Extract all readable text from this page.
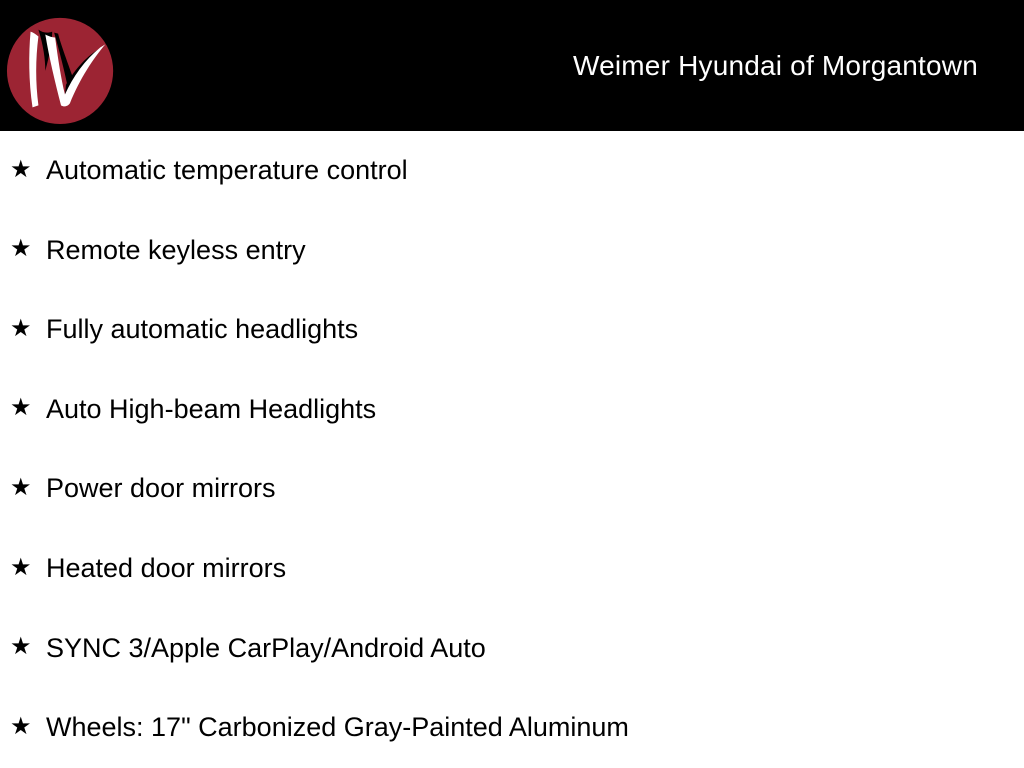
Weimer Hyundai of Morgantown
★ Automatic temperature control
★ Remote keyless entry
★ Fully automatic headlights
★ Auto High-beam Headlights
★ Power door mirrors
★ Heated door mirrors
★ SYNC 3/Apple CarPlay/Android Auto
★ Wheels: 17" Carbonized Gray-Painted Aluminum
